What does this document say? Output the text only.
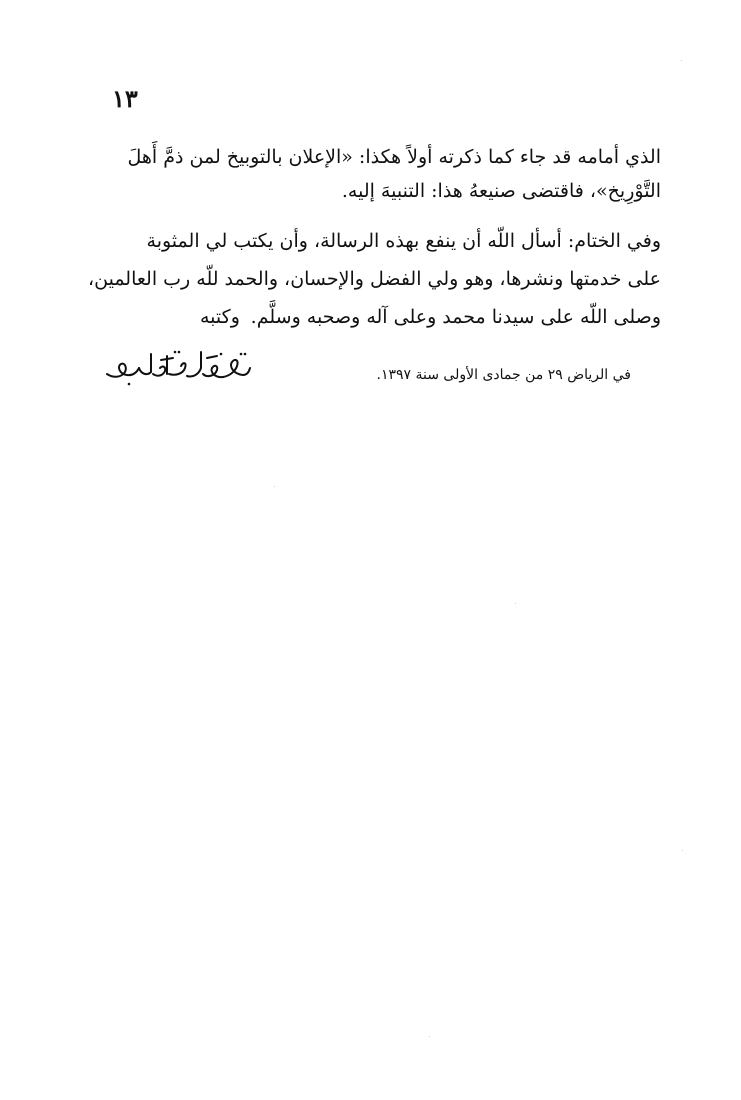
١٣
الذي أمامه قد جاء كما ذكرته أولاً هكذا: «الإعلان بالتوبيخ لمن ذمَّ أَهلَ
التَّوْرِيخ»، فاقتضى صنيعهُ هذا: التنبيهَ إليه.
وفي الختام: أسأل اللّه أن ينفع بهذه الرسالة، وأن يكتب لي المثوبة
على خدمتها ونشرها، وهو ولي الفضل والإحسان، والحمد للّه رب العالمين،
وصلى اللّه على سيدنا محمد وعلى آله وصحبه وسلَّم.
وكتبه
في الرياض ٢٩ من جمادى الأولى سنة ١٣٩٧.
